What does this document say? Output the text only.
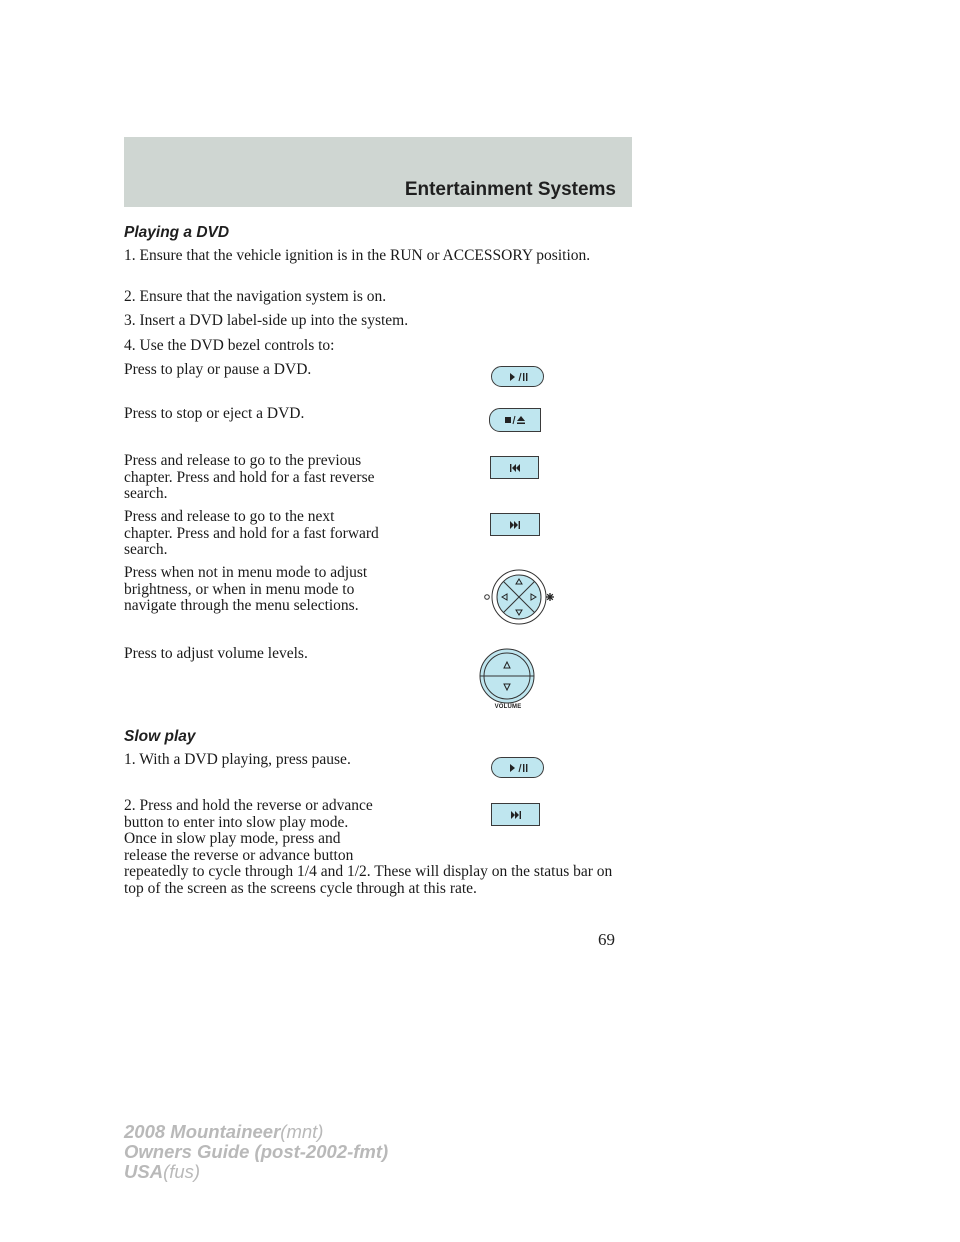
Entertainment Systems
Playing a DVD
1. Ensure that the vehicle ignition is in the RUN or ACCESSORY position.
2. Ensure that the navigation system is on.
3. Insert a DVD label-side up into the system.
4. Use the DVD bezel controls to:
Press to play or pause a DVD.
Press to stop or eject a DVD.
Press and release to go to the previous chapter. Press and hold for a fast reverse search.
Press and release to go to the next chapter. Press and hold for a fast forward search.
Press when not in menu mode to adjust brightness, or when in menu mode to navigate through the menu selections.
Press to adjust volume levels.
VOLUME
Slow play
1. With a DVD playing, press pause.
2. Press and hold the reverse or advance button to enter into slow play mode. Once in slow play mode, press and release the reverse or advance button repeatedly to cycle through 1/4 and 1/2. These will display on the status bar on top of the screen as the screens cycle through at this rate.
69
2008 Mountaineer(mnt)
Owners Guide (post-2002-fmt)
USA(fus)
